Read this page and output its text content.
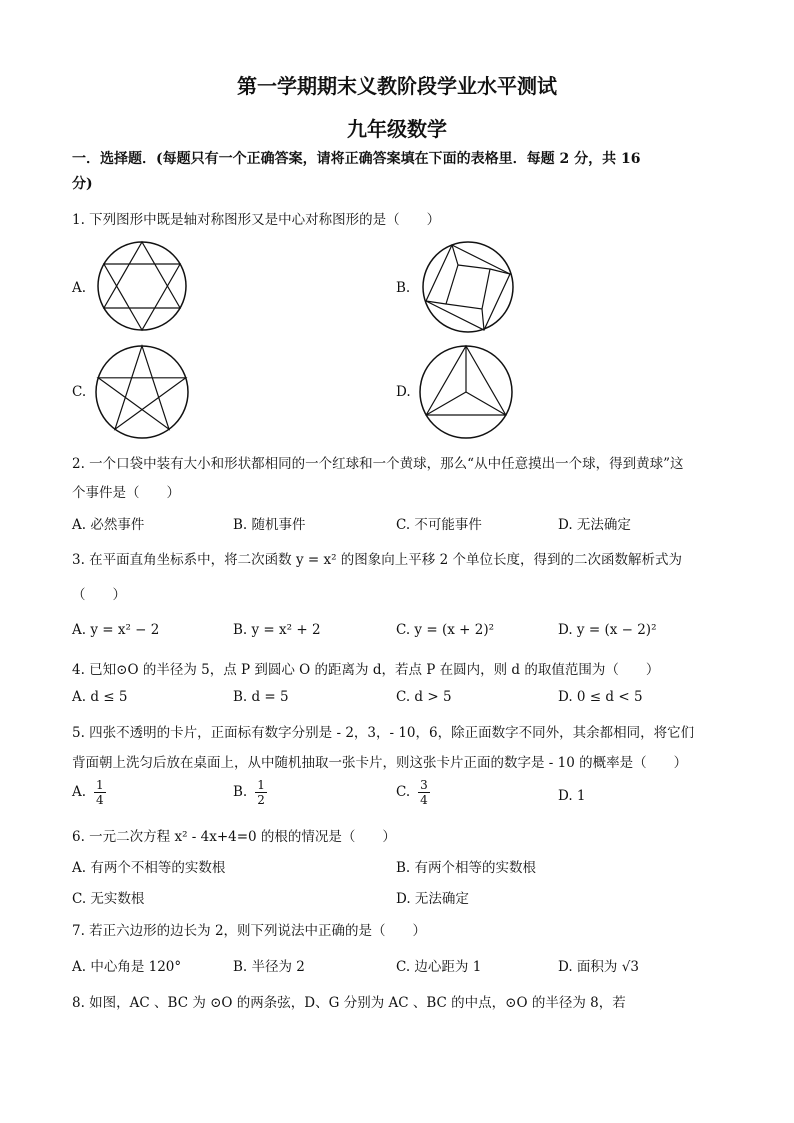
第一学期期末义教阶段学业水平测试
九年级数学
一．选择题．(每题只有一个正确答案，请将正确答案填在下面的表格里．每题 2 分，共 16
分)
1. 下列图形中既是轴对称图形又是中心对称图形的是（　　）
A.	B.
C.	D.
2. 一个口袋中装有大小和形状都相同的一个红球和一个黄球，那么“从中任意摸出一个球，得到黄球”这
个事件是（　　）
A. 必然事件	B. 随机事件	C. 不可能事件	D. 无法确定
3. 在平面直角坐标系中，将二次函数 y = x² 的图象向上平移 2 个单位长度，得到的二次函数解析式为
（　　）
A. y = x² − 2	B. y = x² + 2	C. y = (x + 2)²	D. y = (x − 2)²
4. 已知⊙O 的半径为 5，点 P 到圆心 O 的距离为 d，若点 P 在圆内，则 d 的取值范围为（　　）
A. d ≤ 5	B. d = 5	C. d > 5	D. 0 ≤ d < 5
5. 四张不透明的卡片，正面标有数字分别是 - 2，3，- 10，6，除正面数字不同外，其余都相同，将它们
背面朝上洗匀后放在桌面上，从中随机抽取一张卡片，则这张卡片正面的数字是 - 10 的概率是（　　）
A. $\frac{1}{4}$	B. $\frac{1}{2}$	C. $\frac{3}{4}$	D. 1
6. 一元二次方程 x² - 4x+4=0 的根的情况是（　　）
A. 有两个不相等的实数根	B. 有两个相等的实数根
C. 无实数根	D. 无法确定
7. 若正六边形的边长为 2，则下列说法中正确的是（　　）
A. 中心角是 120°	B. 半径为 2	C. 边心距为 1	D. 面积为 √3
8. 如图，AC 、BC 为 ⊙O 的两条弦，D、G 分别为 AC 、BC 的中点，⊙O 的半径为 8，若
